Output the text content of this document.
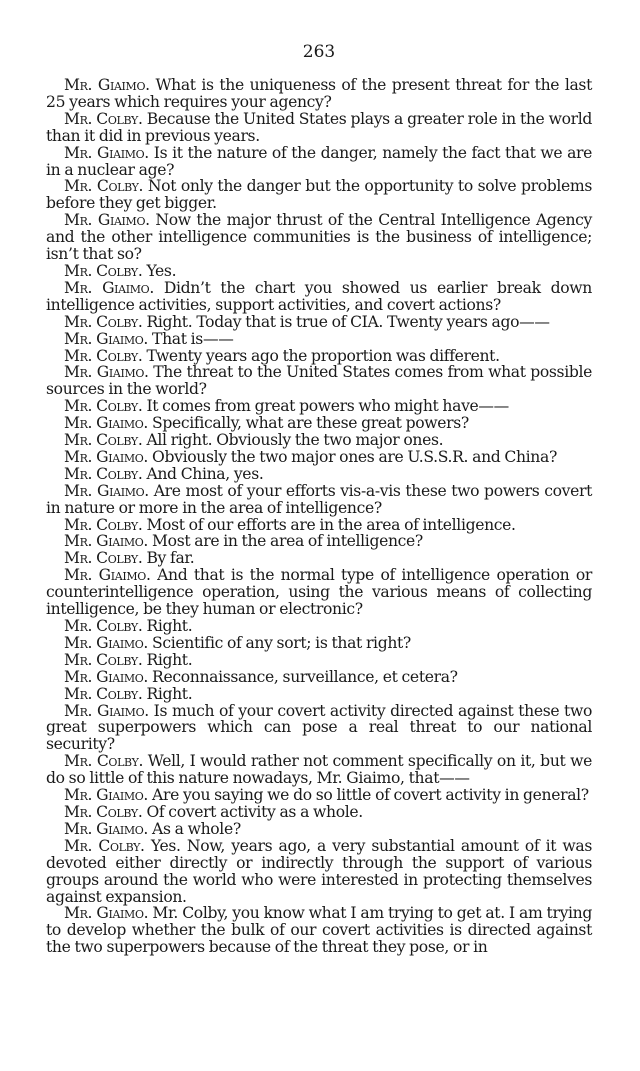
263

Mr. Giaimo. What is the uniqueness of the present threat for the last 25 years which requires your agency?

Mr. Colby. Because the United States plays a greater role in the world than it did in previous years.

Mr. Giaimo. Is it the nature of the danger, namely the fact that we are in a nuclear age?

Mr. Colby. Not only the danger but the opportunity to solve problems before they get bigger.

Mr. Giaimo. Now the major thrust of the Central Intelligence Agency and the other intelligence communities is the business of intelligence; isn’t that so?

Mr. Colby. Yes.

Mr. Giaimo. Didn’t the chart you showed us earlier break down intelligence activities, support activities, and covert actions?

Mr. Colby. Right. Today that is true of CIA. Twenty years ago——

Mr. Giaimo. That is——

Mr. Colby. Twenty years ago the proportion was different.

Mr. Giaimo. The threat to the United States comes from what possible sources in the world?

Mr. Colby. It comes from great powers who might have——

Mr. Giaimo. Specifically, what are these great powers?

Mr. Colby. All right. Obviously the two major ones.

Mr. Giaimo. Obviously the two major ones are U.S.S.R. and China?

Mr. Colby. And China, yes.

Mr. Giaimo. Are most of your efforts vis-a-vis these two powers covert in nature or more in the area of intelligence?

Mr. Colby. Most of our efforts are in the area of intelligence.

Mr. Giaimo. Most are in the area of intelligence?

Mr. Colby. By far.

Mr. Giaimo. And that is the normal type of intelligence operation or counterintelligence operation, using the various means of collecting intelligence, be they human or electronic?

Mr. Colby. Right.

Mr. Giaimo. Scientific of any sort; is that right?

Mr. Colby. Right.

Mr. Giaimo. Reconnaissance, surveillance, et cetera?

Mr. Colby. Right.

Mr. Giaimo. Is much of your covert activity directed against these two great superpowers which can pose a real threat to our national security?

Mr. Colby. Well, I would rather not comment specifically on it, but we do so little of this nature nowadays, Mr. Giaimo, that——

Mr. Giaimo. Are you saying we do so little of covert activity in general?

Mr. Colby. Of covert activity as a whole.

Mr. Giaimo. As a whole?

Mr. Colby. Yes. Now, years ago, a very substantial amount of it was devoted either directly or indirectly through the support of various groups around the world who were interested in protecting themselves against expansion.

Mr. Giaimo. Mr. Colby, you know what I am trying to get at. I am trying to develop whether the bulk of our covert activities is directed against the two superpowers because of the threat they pose, or in
